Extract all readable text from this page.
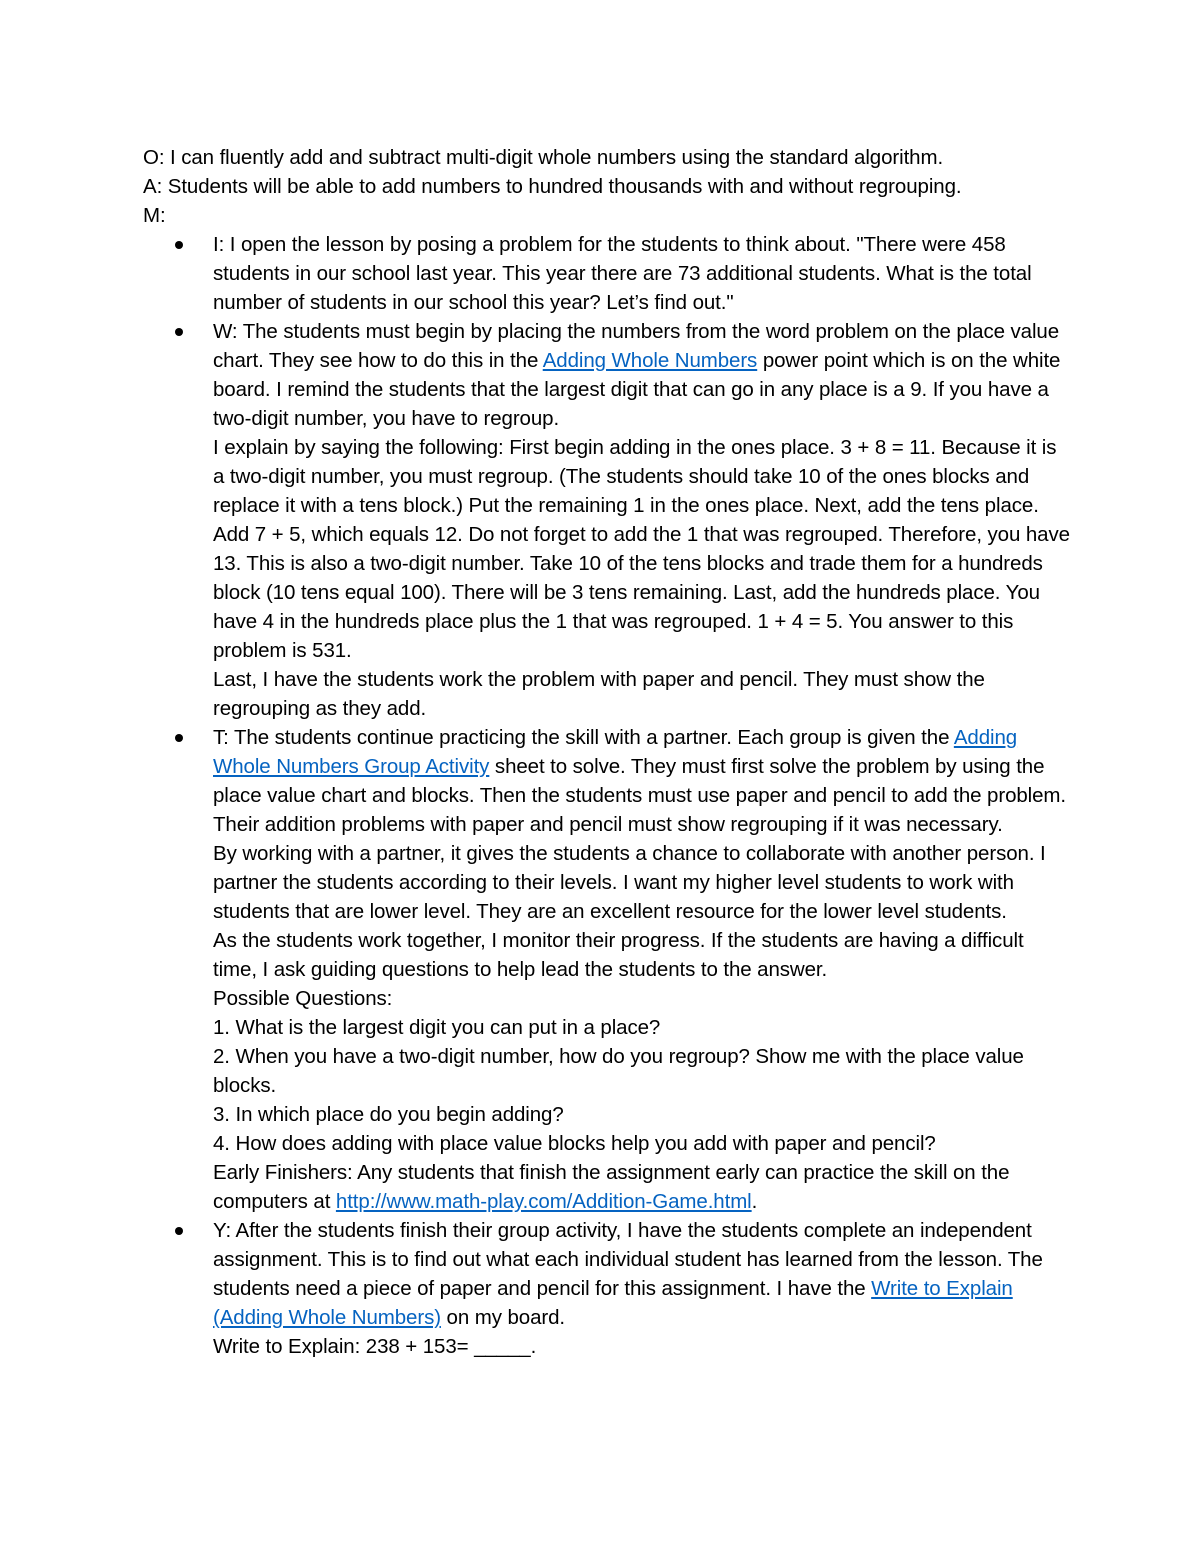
O: I can fluently add and subtract multi-digit whole numbers using the standard algorithm.
A: Students will be able to add numbers to hundred thousands with and without regrouping.
M:
I: I open the lesson by posing a problem for the students to think about. "There were 458 students in our school last year. This year there are 73 additional students. What is the total number of students in our school this year? Let’s find out."
W: The students must begin by placing the numbers from the word problem on the place value chart. They see how to do this in the Adding Whole Numbers power point which is on the white board. I remind the students that the largest digit that can go in any place is a 9. If you have a two-digit number, you have to regroup.
I explain by saying the following: First begin adding in the ones place. 3 + 8 = 11. Because it is a two-digit number, you must regroup. (The students should take 10 of the ones blocks and replace it with a tens block.) Put the remaining 1 in the ones place. Next, add the tens place. Add 7 + 5, which equals 12. Do not forget to add the 1 that was regrouped. Therefore, you have 13. This is also a two-digit number. Take 10 of the tens blocks and trade them for a hundreds block (10 tens equal 100). There will be 3 tens remaining. Last, add the hundreds place. You have 4 in the hundreds place plus the 1 that was regrouped. 1 + 4 = 5. You answer to this problem is 531.
Last, I have the students work the problem with paper and pencil. They must show the regrouping as they add.
T: The students continue practicing the skill with a partner. Each group is given the Adding Whole Numbers Group Activity sheet to solve. They must first solve the problem by using the place value chart and blocks. Then the students must use paper and pencil to add the problem. Their addition problems with paper and pencil must show regrouping if it was necessary.
By working with a partner, it gives the students a chance to collaborate with another person. I partner the students according to their levels. I want my higher level students to work with students that are lower level. They are an excellent resource for the lower level students.
As the students work together, I monitor their progress. If the students are having a difficult time, I ask guiding questions to help lead the students to the answer.
Possible Questions:
1. What is the largest digit you can put in a place?
2. When you have a two-digit number, how do you regroup? Show me with the place value blocks.
3. In which place do you begin adding?
4. How does adding with place value blocks help you add with paper and pencil?
Early Finishers: Any students that finish the assignment early can practice the skill on the computers at http://www.math-play.com/Addition-Game.html.
Y: After the students finish their group activity, I have the students complete an independent assignment. This is to find out what each individual student has learned from the lesson. The students need a piece of paper and pencil for this assignment. I have the Write to Explain (Adding Whole Numbers) on my board.
Write to Explain: 238 + 153= _____.
